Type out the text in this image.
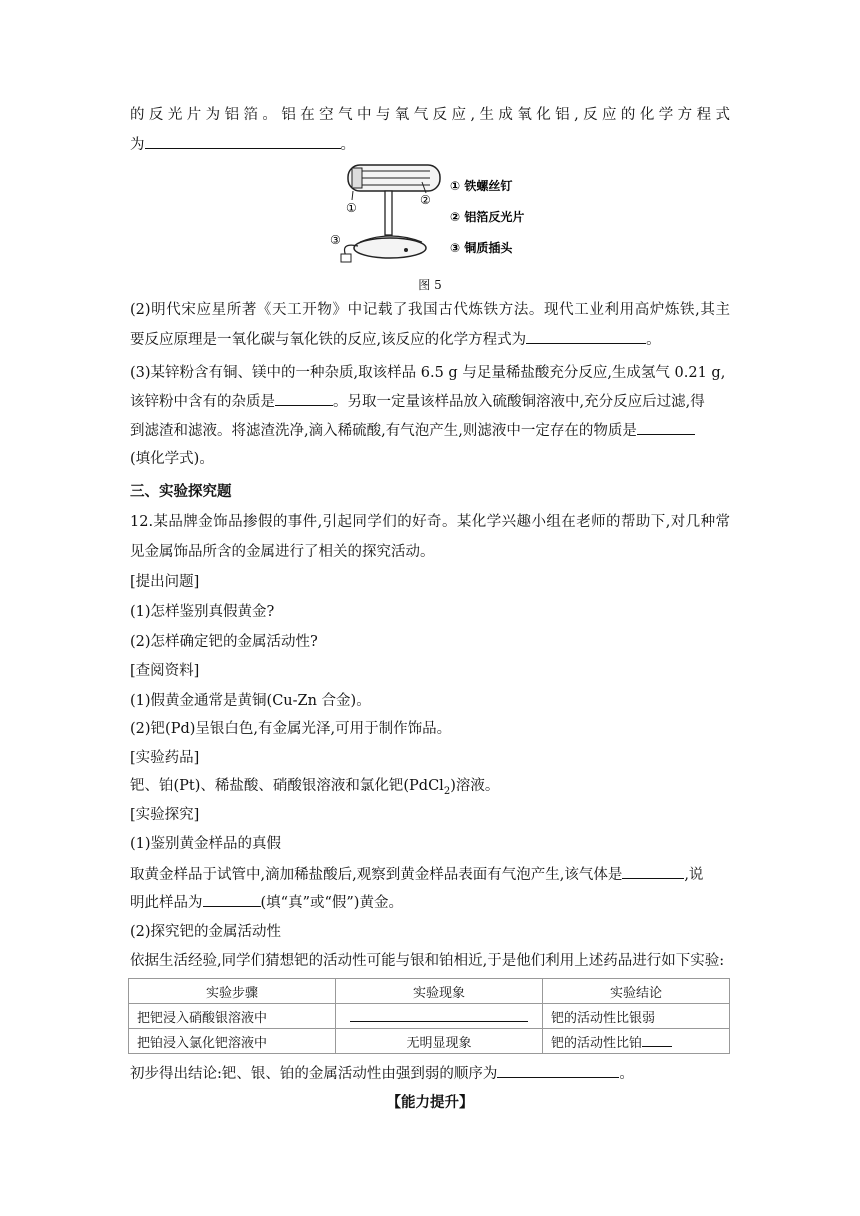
的反光片为铝箔。铝在空气中与氧气反应,生成氧化铝,反应的化学方程式
为	。
①
②
③
① 铁螺丝钉
② 铝箔反光片
③ 铜质插头
图 5
(2)明代宋应星所著《天工开物》中记载了我国古代炼铁方法。现代工业利用高炉炼铁,其主
要反应原理是一氧化碳与氧化铁的反应,该反应的化学方程式为	。
(3)某锌粉含有铜、镁中的一种杂质,取该样品 6.5 g 与足量稀盐酸充分反应,生成氢气 0.21 g,
该锌粉中含有的杂质是	。另取一定量该样品放入硫酸铜溶液中,充分反应后过滤,得
到滤渣和滤液。将滤渣洗净,滴入稀硫酸,有气泡产生,则滤液中一定存在的物质是
(填化学式)。
三、实验探究题
12.某品牌金饰品掺假的事件,引起同学们的好奇。某化学兴趣小组在老师的帮助下,对几种常
见金属饰品所含的金属进行了相关的探究活动。
[提出问题]
(1)怎样鉴别真假黄金?
(2)怎样确定钯的金属活动性?
[查阅资料]
(1)假黄金通常是黄铜(Cu-Zn 合金)。
(2)钯(Pd)呈银白色,有金属光泽,可用于制作饰品。
[实验药品]
钯、铂(Pt)、稀盐酸、硝酸银溶液和氯化钯(PdCl$_2$)溶液。
[实验探究]
(1)鉴别黄金样品的真假
取黄金样品于试管中,滴加稀盐酸后,观察到黄金样品表面有气泡产生,该气体是	,说
明此样品为	(填“真”或“假”)黄金。
(2)探究钯的金属活动性
依据生活经验,同学们猜想钯的活动性可能与银和铂相近,于是他们利用上述药品进行如下实验:
实验步骤	实验现象	实验结论
把钯浸入硝酸银溶液中		钯的活动性比银弱
把铂浸入氯化钯溶液中	无明显现象	钯的活动性比铂
初步得出结论:钯、银、铂的金属活动性由强到弱的顺序为	。
【能力提升】
